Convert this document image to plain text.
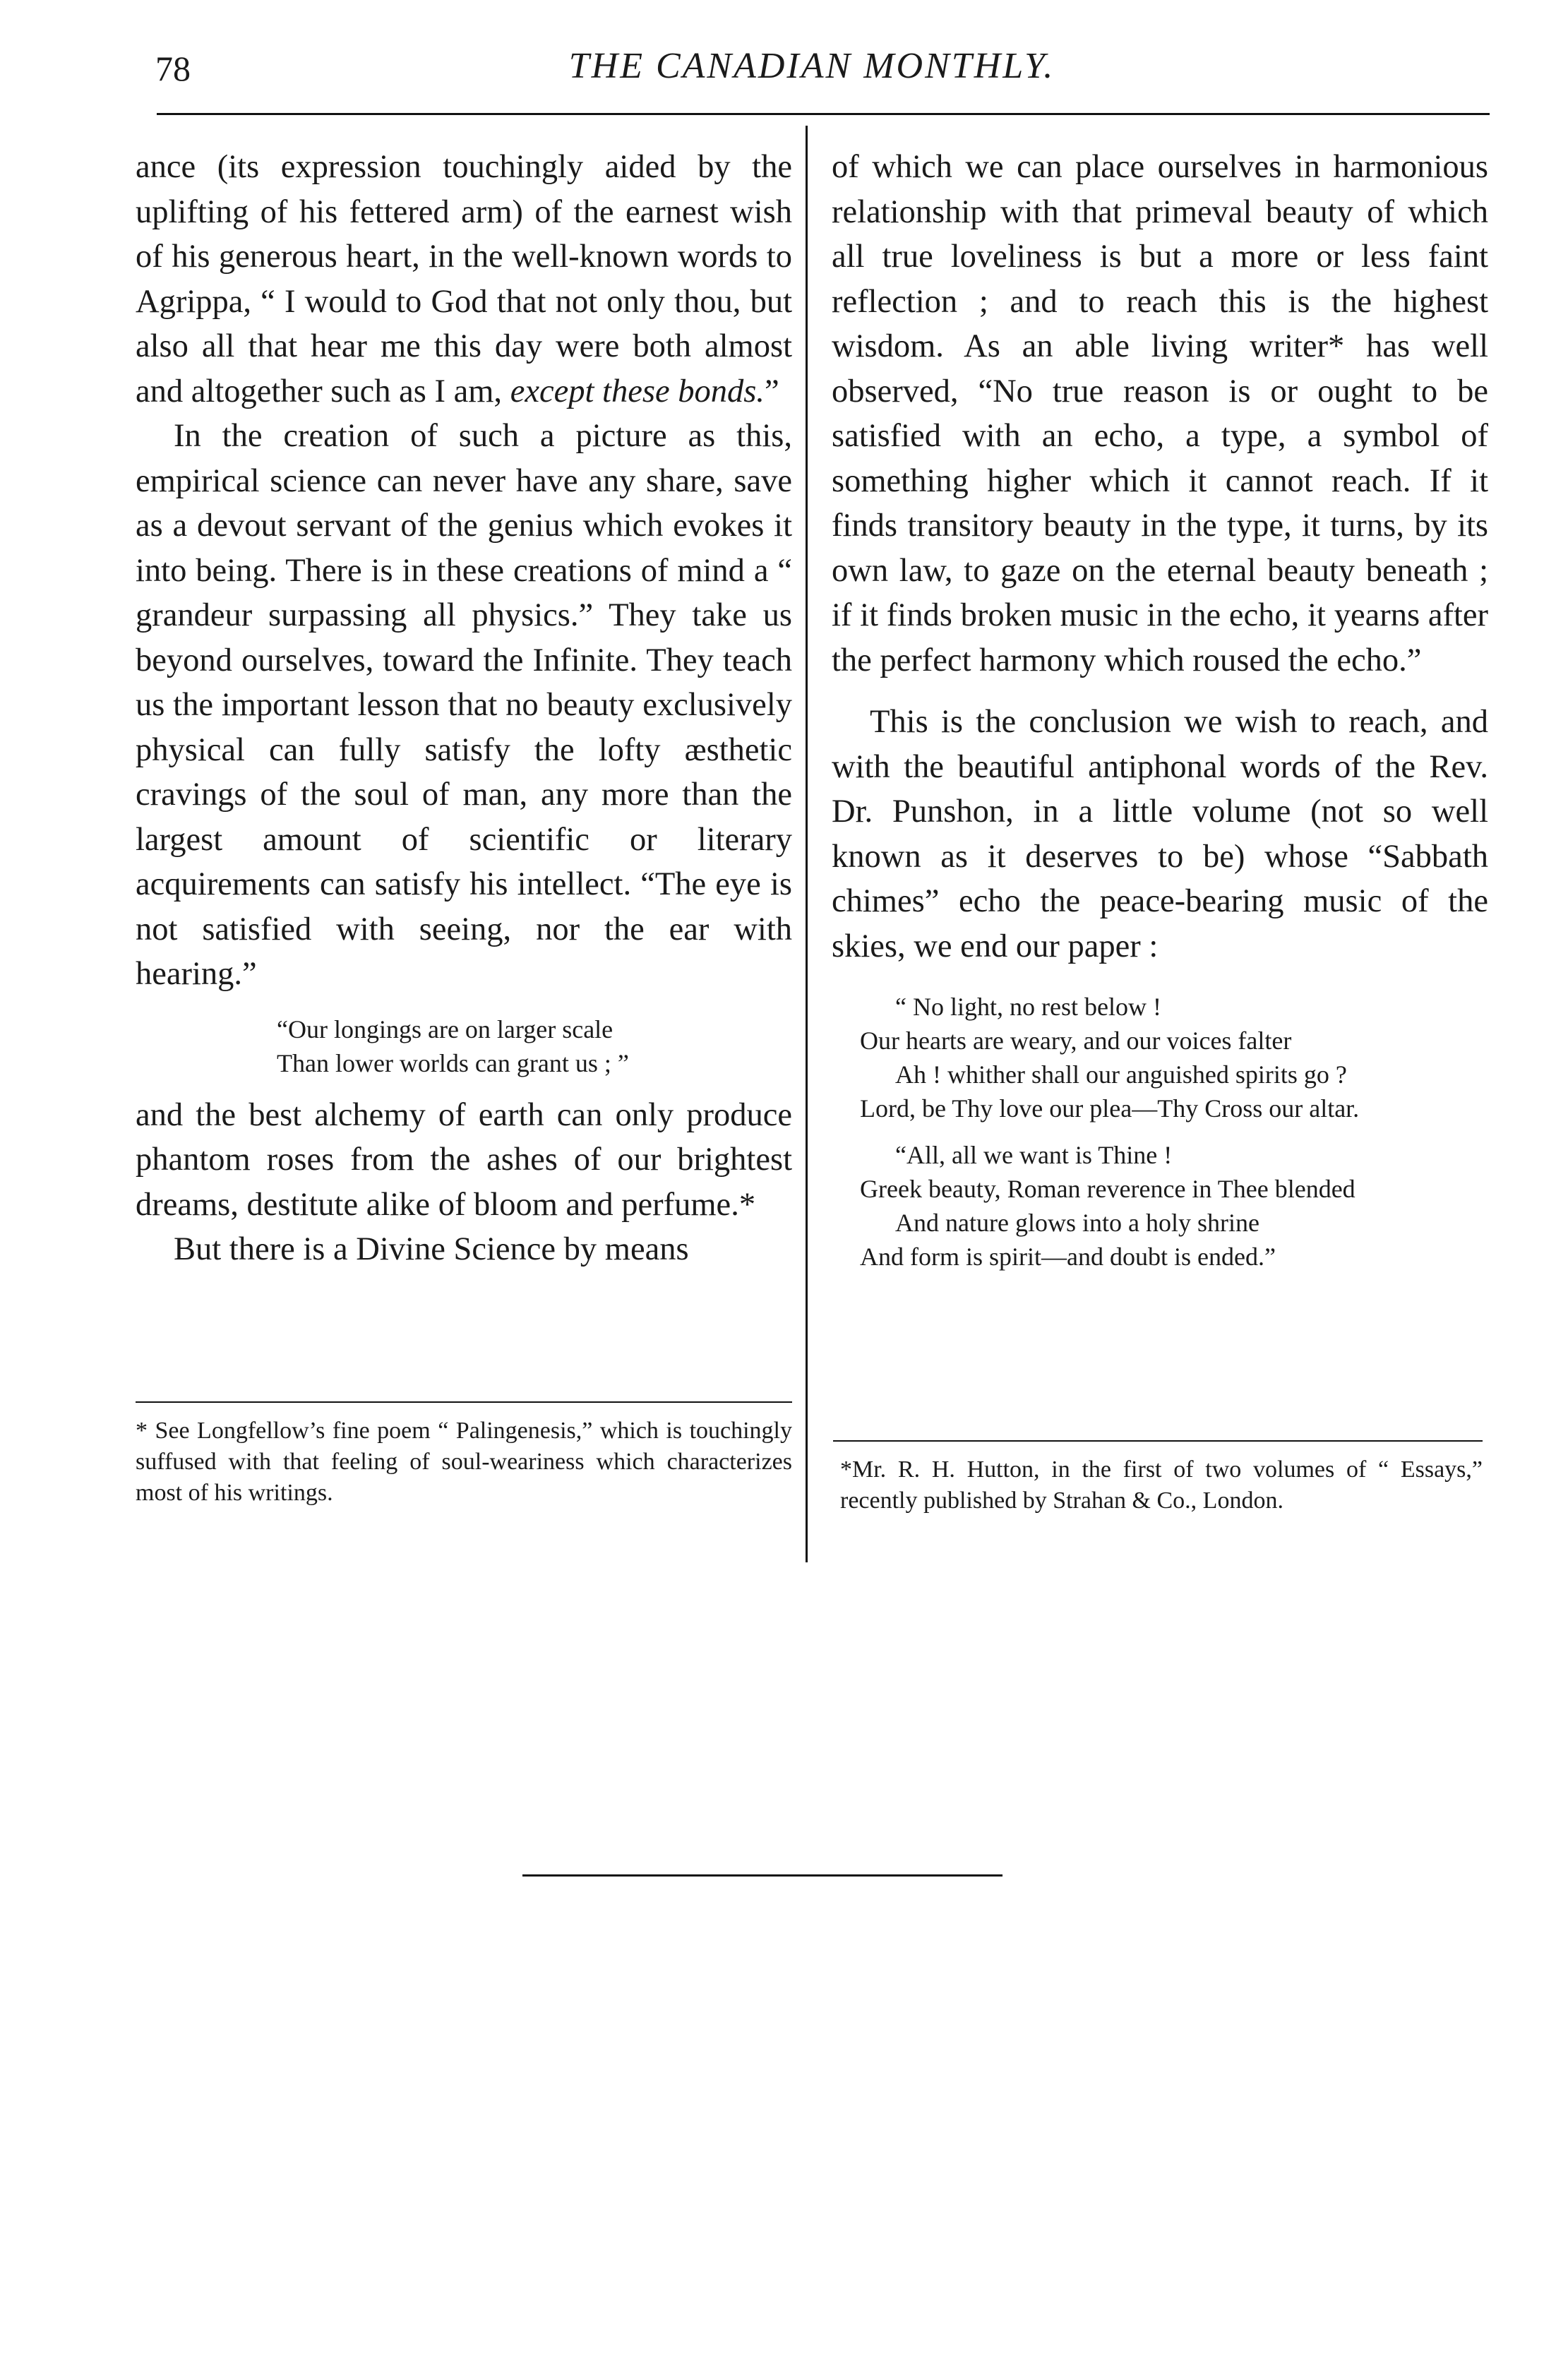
78	THE CANADIAN MONTHLY.

ance (its expression touchingly aided by the uplifting of his fettered arm) of the earnest wish of his generous heart, in the well-known words to Agrippa, “ I would to God that not only thou, but also all that hear me this day were both almost and altogether such as I am, except these bonds.”

In the creation of such a picture as this, empirical science can never have any share, save as a devout servant of the genius which evokes it into being. There is in these creations of mind a “ grandeur surpassing all physics.” They take us beyond ourselves, toward the Infinite. They teach us the important lesson that no beauty exclusively physical can fully satisfy the lofty æsthetic cravings of the soul of man, any more than the largest amount of scientific or literary acquirements can satisfy his intellect. “The eye is not satisfied with seeing, nor the ear with hearing.”

“Our longings are on larger scale
Than lower worlds can grant us ; ”

and the best alchemy of earth can only produce phantom roses from the ashes of our brightest dreams, destitute alike of bloom and perfume.*

But there is a Divine Science by means

* See Longfellow’s fine poem “ Palingenesis,” which is touchingly suffused with that feeling of soul-weariness which characterizes most of his writings.

of which we can place ourselves in harmonious relationship with that primeval beauty of which all true loveliness is but a more or less faint reflection ; and to reach this is the highest wisdom. As an able living writer* has well observed, “No true reason is or ought to be satisfied with an echo, a type, a symbol of something higher which it cannot reach. If it finds transitory beauty in the type, it turns, by its own law, to gaze on the eternal beauty beneath ; if it finds broken music in the echo, it yearns after the perfect harmony which roused the echo.”

This is the conclusion we wish to reach, and with the beautiful antiphonal words of the Rev. Dr. Punshon, in a little volume (not so well known as it deserves to be) whose “Sabbath chimes” echo the peace-bearing music of the skies, we end our paper :

“ No light, no rest below !
Our hearts are weary, and our voices falter
Ah ! whither shall our anguished spirits go ?
Lord, be Thy love our plea—Thy Cross our altar.
“All, all we want is Thine !
Greek beauty, Roman reverence in Thee blended
And nature glows into a holy shrine
And form is spirit—and doubt is ended.”
*Mr. R. H. Hutton, in the first of two volumes of “ Essays,” recently published by Strahan & Co., London.
